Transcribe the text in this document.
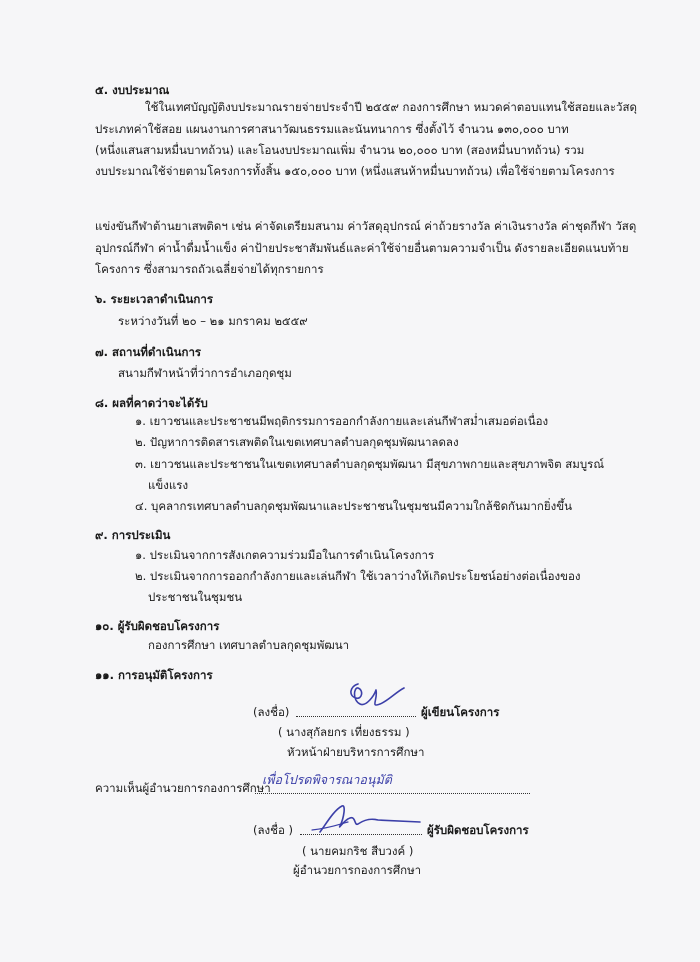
๕. งบประมาณ
ใช้ในเทศบัญญัติงบประมาณรายจ่ายประจำปี ๒๕๕๙ กองการศึกษา หมวดค่าตอบแทนใช้สอยและวัสดุ
ประเภทค่าใช้สอย แผนงานการศาสนาวัฒนธรรมและนันทนาการ ซึ่งตั้งไว้ จำนวน ๑๓๐,๐๐๐ บาท
(หนึ่งแสนสามหมื่นบาทถ้วน) และโอนงบประมาณเพิ่ม จำนวน ๒๐,๐๐๐ บาท (สองหมื่นบาทถ้วน) รวม
งบประมาณใช้จ่ายตามโครงการทั้งสิ้น ๑๕๐,๐๐๐ บาท (หนึ่งแสนห้าหมื่นบาทถ้วน) เพื่อใช้จ่ายตามโครงการ
แข่งขันกีฬาต้านยาเสพติดฯ เช่น ค่าจัดเตรียมสนาม ค่าวัสดุอุปกรณ์ ค่าถ้วยรางวัล ค่าเงินรางวัล ค่าชุดกีฬา วัสดุ
อุปกรณ์กีฬา ค่าน้ำดื่มน้ำแข็ง ค่าป้ายประชาสัมพันธ์และค่าใช้จ่ายอื่นตามความจำเป็น ดังรายละเอียดแนบท้าย
โครงการ ซึ่งสามารถถัวเฉลี่ยจ่ายได้ทุกรายการ
๖. ระยะเวลาดำเนินการ
ระหว่างวันที่ ๒๐ – ๒๑ มกราคม ๒๕๕๙
๗. สถานที่ดำเนินการ
สนามกีฬาหน้าที่ว่าการอำเภอกุดชุม
๘. ผลที่คาดว่าจะได้รับ
๑. เยาวชนและประชาชนมีพฤติกรรมการออกกำลังกายและเล่นกีฬาสม่ำเสมอต่อเนื่อง
๒. ปัญหาการติดสารเสพติดในเขตเทศบาลตำบลกุดชุมพัฒนาลดลง
๓. เยาวชนและประชาชนในเขตเทศบาลตำบลกุดชุมพัฒนา มีสุขภาพกายและสุขภาพจิต สมบูรณ์
แข็งแรง
๔. บุคลากรเทศบาลตำบลกุดชุมพัฒนาและประชาชนในชุมชนมีความใกล้ชิดกันมากยิ่งขึ้น
๙. การประเมิน
๑. ประเมินจากการสังเกตความร่วมมือในการดำเนินโครงการ
๒. ประเมินจากการออกกำลังกายและเล่นกีฬา ใช้เวลาว่างให้เกิดประโยชน์อย่างต่อเนื่องของ
ประชาชนในชุมชน
๑๐. ผู้รับผิดชอบโครงการ
กองการศึกษา เทศบาลตำบลกุดชุมพัฒนา
๑๑. การอนุมัติโครงการ
(ลงชื่อ)	ผู้เขียนโครงการ
( นางสุกัลยกร เที่ยงธรรม )
หัวหน้าฝ่ายบริหารการศึกษา
ความเห็นผู้อำนวยการกองการศึกษา
เพื่อโปรดพิจารณาอนุมัติ
(ลงชื่อ )	ผู้รับผิดชอบโครงการ
( นายคมกริช สีบวงค์ )
ผู้อำนวยการกองการศึกษา
